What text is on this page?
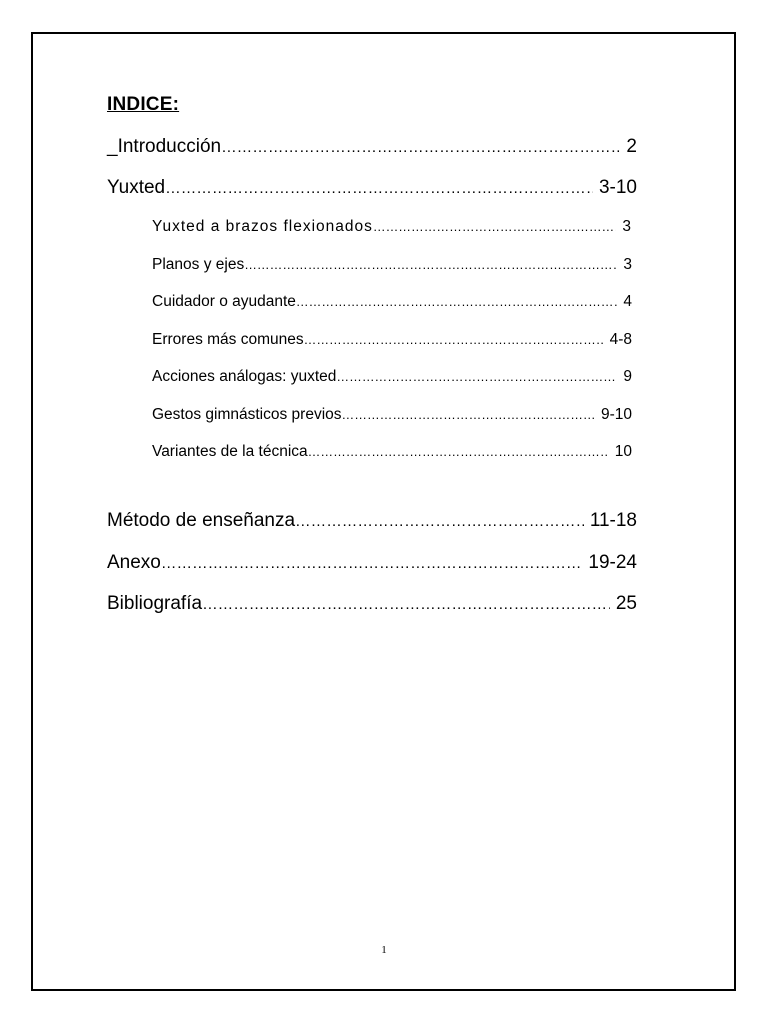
INDICE:
_Introducción ……………………………………………………………………………………………………………………………………………………………………………………	2
Yuxted ……………………………………………………………………………………………………………………………………………………………………………………	3-10
Yuxted a brazos flexionados ……………………………………………………………………………………………………………………………………………………………………………………	3
Planos y ejes ……………………………………………………………………………………………………………………………………………………………………………………	3
Cuidador o ayudante ……………………………………………………………………………………………………………………………………………………………………………………	4
Errores más comunes ……………………………………………………………………………………………………………………………………………………………………………………	4-8
Acciones análogas: yuxted ……………………………………………………………………………………………………………………………………………………………………………………	9
Gestos gimnásticos previos ……………………………………………………………………………………………………………………………………………………………………………………	9-10
Variantes de la técnica ……………………………………………………………………………………………………………………………………………………………………………………	10
Método de enseñanza ……………………………………………………………………………………………………………………………………………………………………………………	11-18
Anexo ……………………………………………………………………………………………………………………………………………………………………………………	19-24
Bibliografía ……………………………………………………………………………………………………………………………………………………………………………………	25
1
